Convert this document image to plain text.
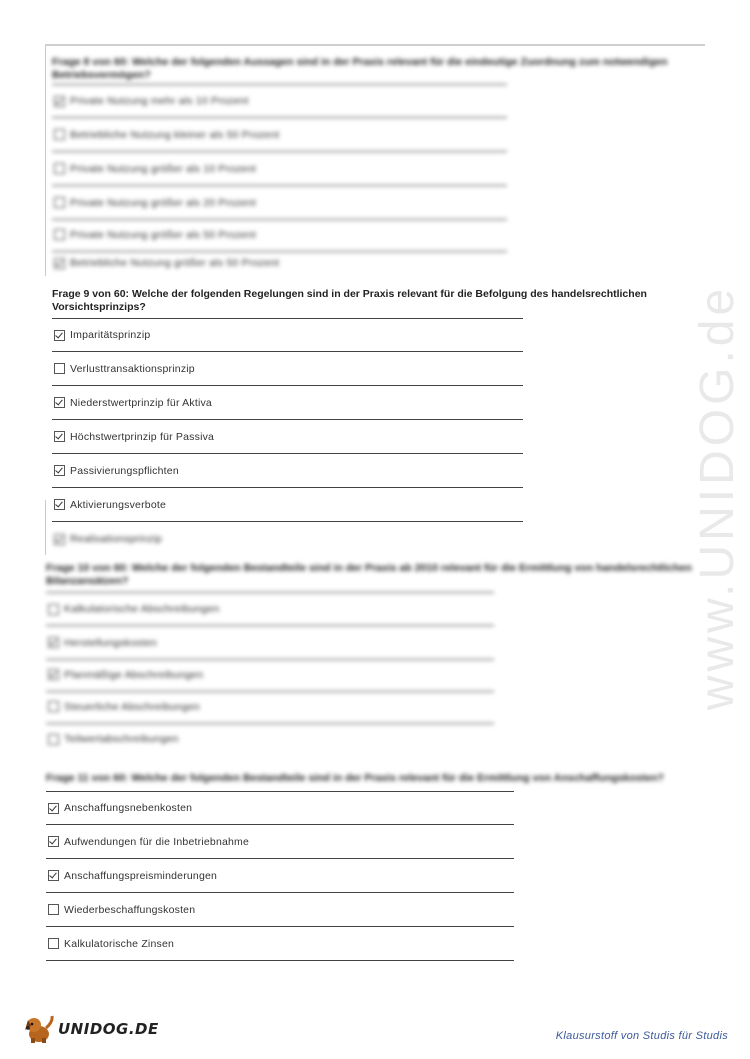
www.UNIDOG.de
Frage 8 von 60: Welche der folgenden Aussagen sind in der Praxis relevant für die eindeutige Zuordnung zum notwendigen Betriebsvermögen?
Private Nutzung mehr als 10 Prozent
Betriebliche Nutzung kleiner als 50 Prozent
Private Nutzung größer als 10 Prozent
Private Nutzung größer als 20 Prozent
Private Nutzung größer als 50 Prozent
Betriebliche Nutzung größer als 50 Prozent
Frage 9 von 60: Welche der folgenden Regelungen sind in der Praxis relevant für die Befolgung des handelsrechtlichen Vorsichtsprinzips?
Imparitätsprinzip
Verlusttransaktionsprinzip
Niederstwertprinzip für Aktiva
Höchstwertprinzip für Passiva
Passivierungspflichten
Aktivierungsverbote
Realisationsprinzip
Frage 10 von 60: Welche der folgenden Bestandteile sind in der Praxis ab 2010 relevant für die Ermittlung von handelsrechtlichen Bilanzansätzen?
Kalkulatorische Abschreibungen
Herstellungskosten
Planmäßige Abschreibungen
Steuerliche Abschreibungen
Teilwertabschreibungen
Frage 11 von 60: Welche der folgenden Bestandteile sind in der Praxis relevant für die Ermittlung von Anschaffungskosten?
Anschaffungsnebenkosten
Aufwendungen für die Inbetriebnahme
Anschaffungspreisminderungen
Wiederbeschaffungskosten
Kalkulatorische Zinsen
UNIDOG.DE	Klausurstoff von Studis für Studis
